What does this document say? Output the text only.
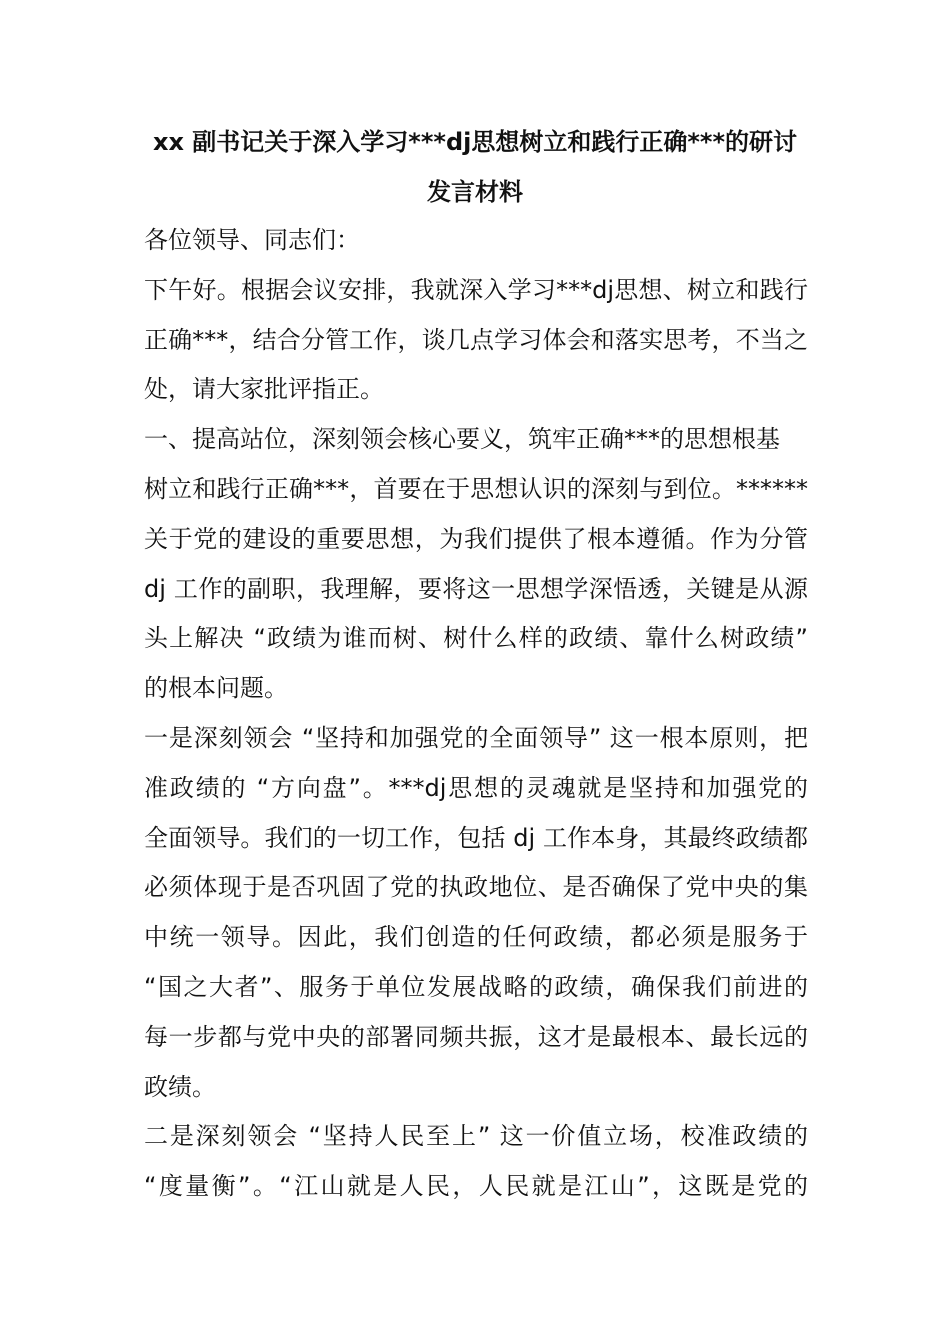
xx 副书记关于深入学习***dj思想树立和践行正确***的研讨
发言材料

各位领导、同志们：

下午好。根据会议安排，我就深入学习***dj思想、树立和践行

正确***，结合分管工作，谈几点学习体会和落实思考，不当之

处，请大家批评指正。

一、提高站位，深刻领会核心要义，筑牢正确***的思想根基

树立和践行正确***，首要在于思想认识的深刻与到位。******

关于党的建设的重要思想，为我们提供了根本遵循。作为分管

dj 工作的副职，我理解，要将这一思想学深悟透，关键是从源

头上解决 “政绩为谁而树、树什么样的政绩、靠什么树政绩”

的根本问题。

一是深刻领会 “坚持和加强党的全面领导” 这一根本原则，把

准政绩的 “方向盘”。***dj思想的灵魂就是坚持和加强党的

全面领导。我们的一切工作，包括 dj 工作本身，其最终政绩都

必须体现于是否巩固了党的执政地位、是否确保了党中央的集

中统一领导。因此，我们创造的任何政绩，都必须是服务于

“国之大者”、服务于单位发展战略的政绩，确保我们前进的

每一步都与党中央的部署同频共振，这才是最根本、最长远的

政绩。

二是深刻领会 “坚持人民至上” 这一价值立场，校准政绩的

“度量衡”。“江山就是人民，人民就是江山”，这既是党的
